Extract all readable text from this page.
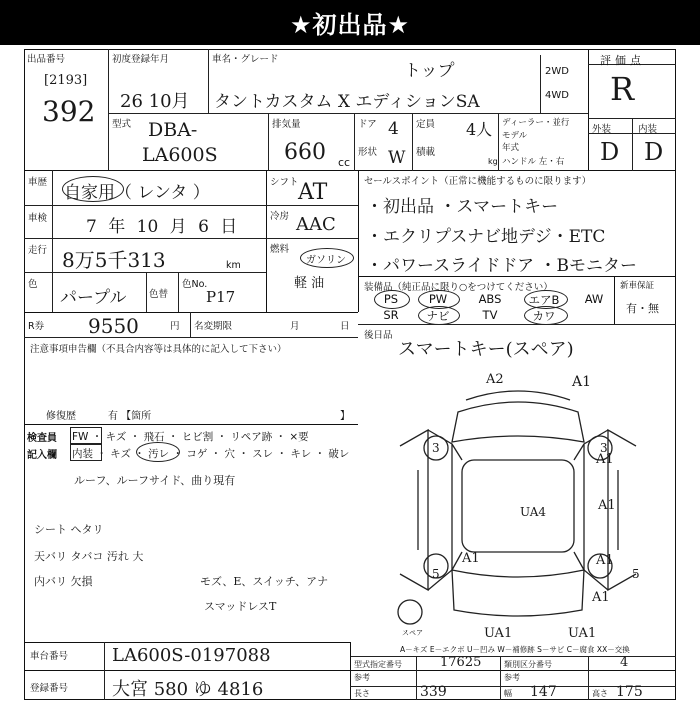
★初出品★
出品番号
[2193]
392
初度登録年月
26 10月
車名・グレード
トップ
タントカスタム X エディションSA
2WD
4WD
評価点
R
型式 DBA-
LA600S
排気量
660 cc
ドア 4
形状 W
定員 4人
積載
kg
ディーラー・並行
モデル
年式
ハンドル 左・右
外装	内装
D D
車歴
自家用（ レンタ ）
車検 7 年 10 月 6 日
走行 8万5千313	km
色
パープル 色替
色No.
P17
シフト AT
冷房 AAC
燃料
ガソリン
軽 油
R券 9550	円 名変期限	月	日
セールスポイント（正常に機能するものに限ります）
・初出品 ・スマートキー
・エクリプスナビ地デジ・ETC
・パワースライドドア ・Bモニター
装備品（純正品に限り○をつけてください）	新車保証
有・無
PS	PW	ABS	エアB	AW
SR	ナビ	TV	カワ
後日品
スマートキー(スペア)
注意事項申告欄（不具合内容等は具体的に記入して下さい）
修復歴	有 【箇所	】
検査員
記入欄
FW ・ キズ ・ 飛石 ・ ヒビ割 ・ リペア跡 ・ ×要
内装 ・ キズ ・ 汚レ ・ コゲ ・ 穴 ・ スレ ・ キレ ・ 破レ
ルーフ、ルーフサイド、曲り現有
シート ヘタリ
天バリ タバコ 汚れ 大
内バリ 欠損	モズ、E、スイッチ、アナ
スマッドレスT
A2	A1
3
A1
A1
UA4
A1
5
A1
5
A1
UA1	UA1
3
スペア
A－キズ E－エクボ U－凹み W－補修跡 S－サビ C－腐食 XX－交換
車台番号 LA600S-0197088
登録番号 大宮 580 ゆ 4816
型式指定番号	17625	類別区分番号	4
参考	参考
長さ	339	幅 147	高さ 175
